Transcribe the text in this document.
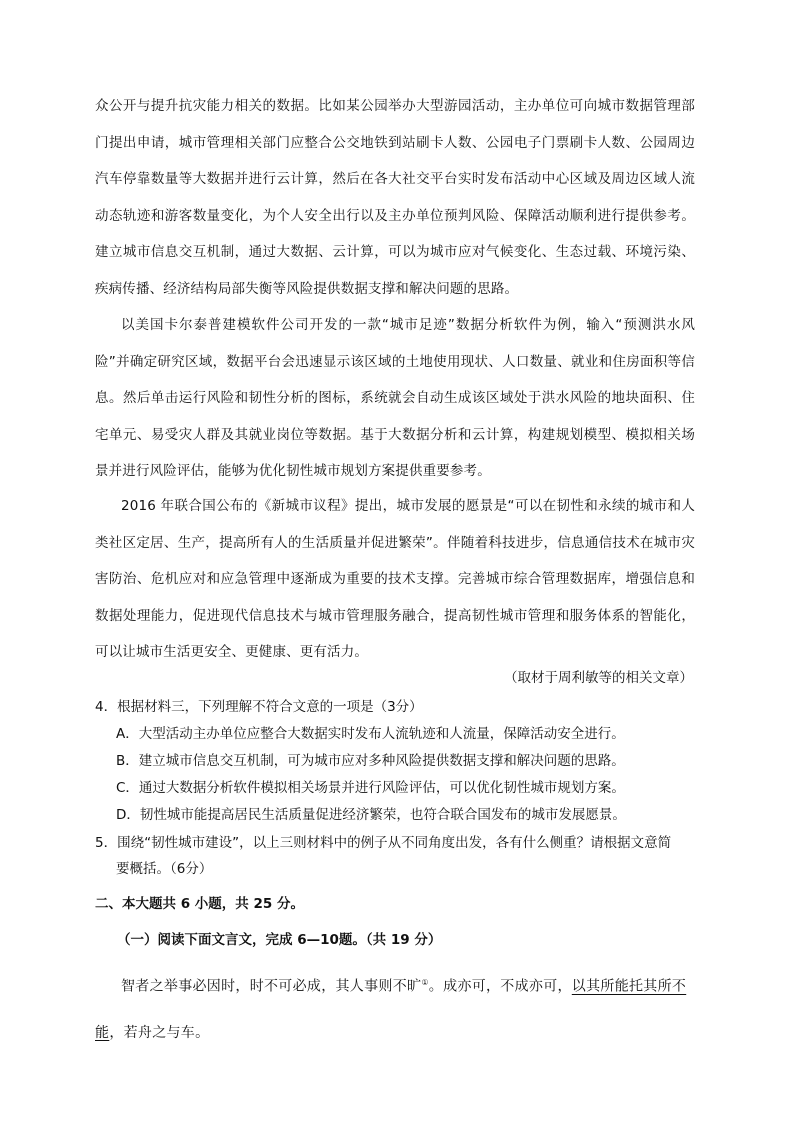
众公开与提升抗灾能力相关的数据。比如某公园举办大型游园活动，主办单位可向城市数据管理部门提出申请，城市管理相关部门应整合公交地铁到站刷卡人数、公园电子门票刷卡人数、公园周边汽车停靠数量等大数据并进行云计算，然后在各大社交平台实时发布活动中心区域及周边区域人流动态轨迹和游客数量变化，为个人安全出行以及主办单位预判风险、保障活动顺利进行提供参考。建立城市信息交互机制，通过大数据、云计算，可以为城市应对气候变化、生态过载、环境污染、疾病传播、经济结构局部失衡等风险提供数据支撑和解决问题的思路。

以美国卡尔泰普建模软件公司开发的一款“城市足迹”数据分析软件为例，输入“预测洪水风险”并确定研究区域，数据平台会迅速显示该区域的土地使用现状、人口数量、就业和住房面积等信息。然后单击运行风险和韧性分析的图标，系统就会自动生成该区域处于洪水风险的地块面积、住宅单元、易受灾人群及其就业岗位等数据。基于大数据分析和云计算，构建规划模型、模拟相关场景并进行风险评估，能够为优化韧性城市规划方案提供重要参考。

2016 年联合国公布的《新城市议程》提出，城市发展的愿景是“可以在韧性和永续的城市和人类社区定居、生产，提高所有人的生活质量并促进繁荣”。伴随着科技进步，信息通信技术在城市灾害防治、危机应对和应急管理中逐渐成为重要的技术支撑。完善城市综合管理数据库，增强信息和数据处理能力，促进现代信息技术与城市管理服务融合，提高韧性城市管理和服务体系的智能化，可以让城市生活更安全、更健康、更有活力。

（取材于周利敏等的相关文章）

4．根据材料三，下列理解不符合文意的一项是（3分）

A．大型活动主办单位应整合大数据实时发布人流轨迹和人流量，保障活动安全进行。

B．建立城市信息交互机制，可为城市应对多种风险提供数据支撑和解决问题的思路。

C．通过大数据分析软件模拟相关场景并进行风险评估，可以优化韧性城市规划方案。

D．韧性城市能提高居民生活质量促进经济繁荣，也符合联合国发布的城市发展愿景。

5．围绕“韧性城市建设”，以上三则材料中的例子从不同角度出发，各有什么侧重？请根据文意简
要概括。（6分）

二、本大题共 6 小题，共 25 分。

（一）阅读下面文言文，完成 6—10题。（共 19 分）

智者之举事必因时，时不可必成，其人事则不旷①。成亦可，不成亦可，以其所能托其所不能，若舟之与车。
